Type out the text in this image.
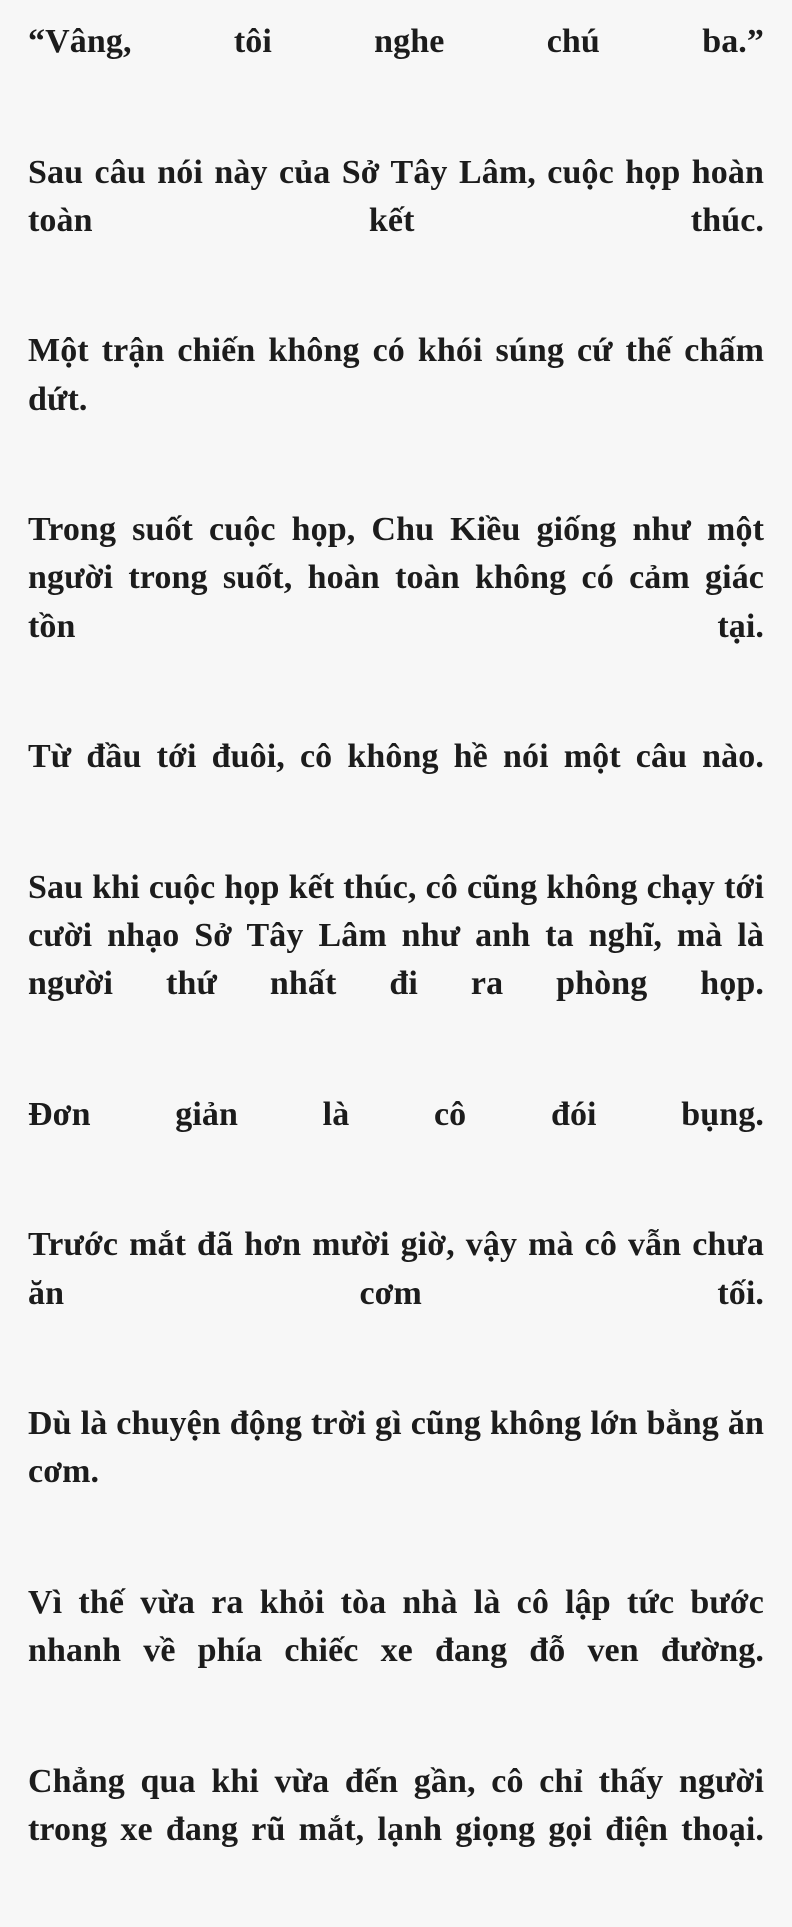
“Vâng, tôi nghe chú ba.”

Sau câu nói này của Sở Tây Lâm, cuộc họp hoàn toàn kết thúc.

Một trận chiến không có khói súng cứ thế chấm dứt.

Trong suốt cuộc họp, Chu Kiều giống như một người trong suốt, hoàn toàn không có cảm giác tồn tại.

Từ đầu tới đuôi, cô không hề nói một câu nào.

Sau khi cuộc họp kết thúc, cô cũng không chạy tới cười nhạo Sở Tây Lâm như anh ta nghĩ, mà là người thứ nhất đi ra phòng họp.

Đơn giản là cô đói bụng.

Trước mắt đã hơn mười giờ, vậy mà cô vẫn chưa ăn cơm tối.

Dù là chuyện động trời gì cũng không lớn bằng ăn cơm.

Vì thế vừa ra khỏi tòa nhà là cô lập tức bước nhanh về phía chiếc xe đang đỗ ven đường.

Chẳng qua khi vừa đến gần, cô chỉ thấy người trong xe đang rũ mắt, lạnh giọng gọi điện thoại.
